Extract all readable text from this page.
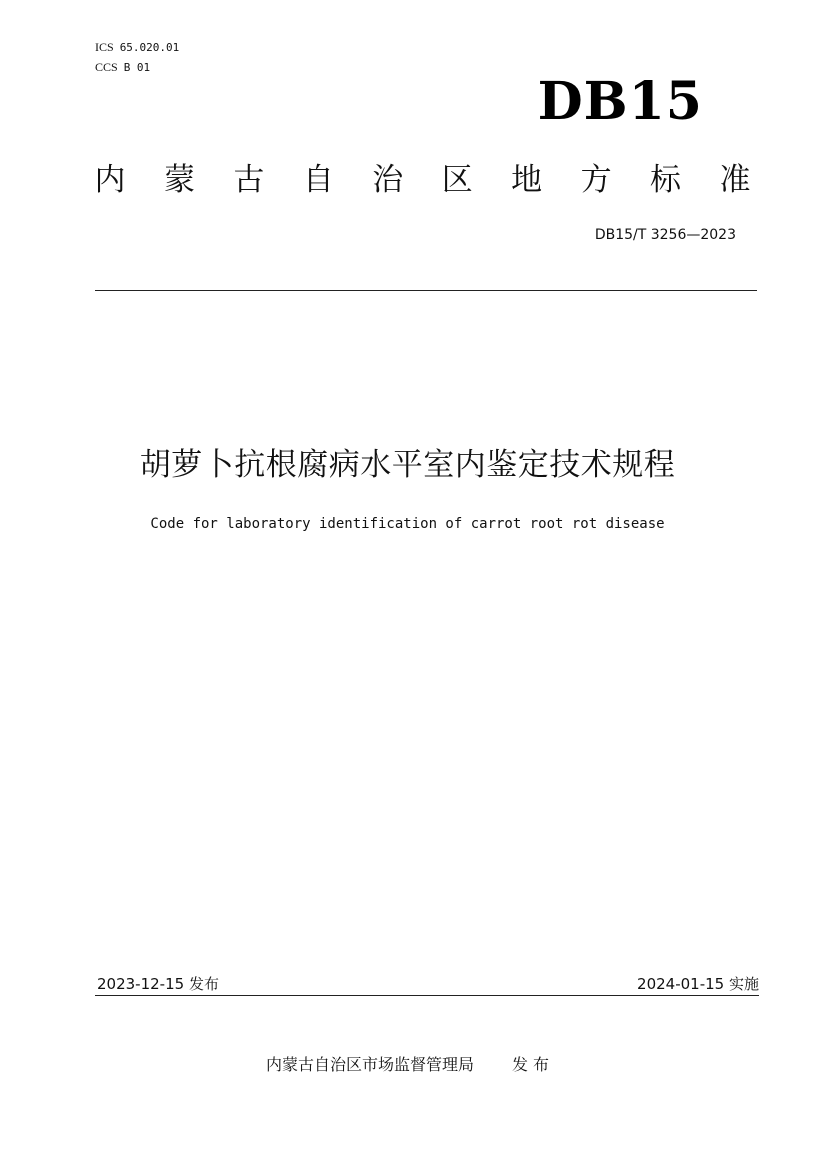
ICS 65.020.01
CCS B 01
DB15
内 蒙 古 自 治 区 地 方 标 准
DB15/T 3256—2023
胡萝卜抗根腐病水平室内鉴定技术规程
Code for laboratory identification of carrot root rot disease
2023-12-15 发布	2024-01-15 实施
内蒙古自治区市场监督管理局 发 布
